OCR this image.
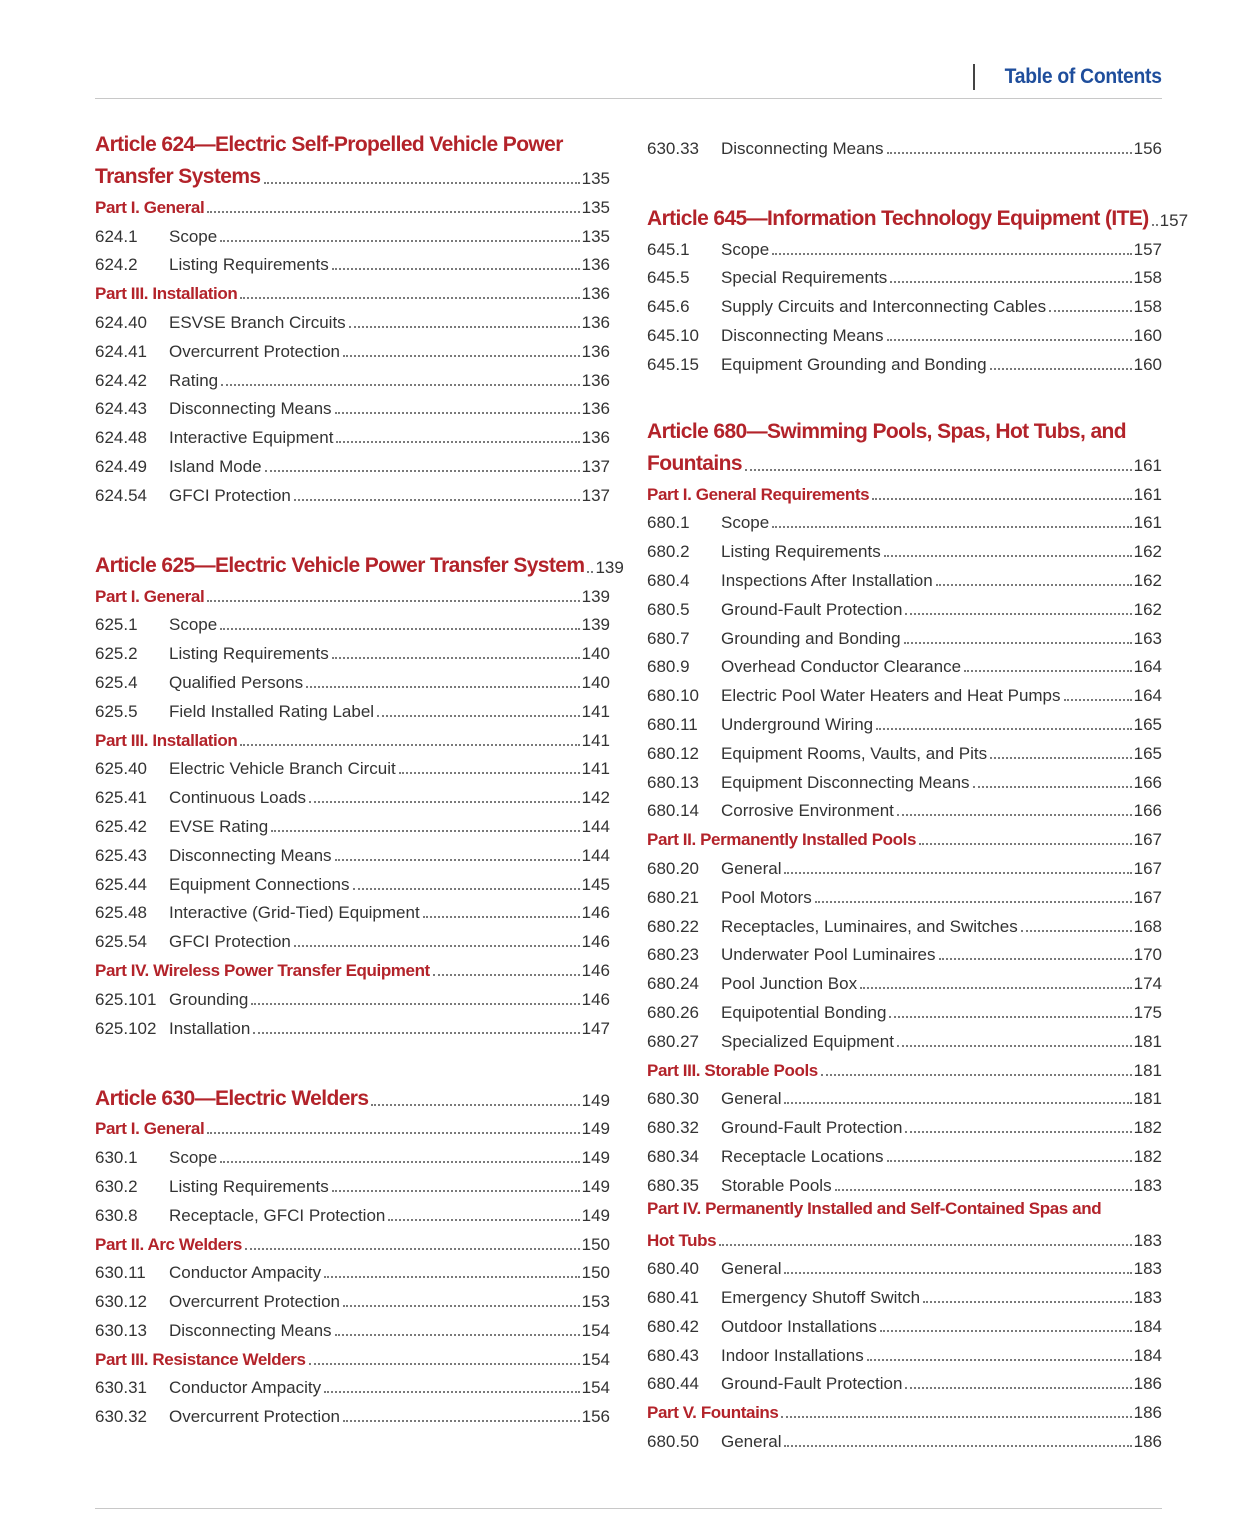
Table of Contents
Article 624—Electric Self-Propelled Vehicle Power
Transfer Systems	135
Part I. General	135
624.1	Scope	135
624.2	Listing Requirements	136
Part III. Installation	136
624.40	ESVSE Branch Circuits	136
624.41	Overcurrent Protection	136
624.42	Rating	136
624.43	Disconnecting Means	136
624.48	Interactive Equipment	136
624.49	Island Mode	137
624.54	GFCI Protection	137
Article 625—Electric Vehicle Power Transfer System 139
Part I. General	139
625.1	Scope	139
625.2	Listing Requirements	140
625.4	Qualified Persons	140
625.5	Field Installed Rating Label	141
Part III. Installation	141
625.40	Electric Vehicle Branch Circuit	141
625.41	Continuous Loads	142
625.42	EVSE Rating	144
625.43	Disconnecting Means	144
625.44	Equipment Connections	145
625.48	Interactive (Grid-Tied) Equipment	146
625.54	GFCI Protection	146
Part IV. Wireless Power Transfer Equipment	146
625.101 Grounding	146
625.102 Installation	147
Article 630—Electric Welders	149
Part I. General	149
630.1	Scope	149
630.2	Listing Requirements	149
630.8	Receptacle, GFCI Protection	149
Part II. Arc Welders	150
630.11	Conductor Ampacity	150
630.12	Overcurrent Protection	153
630.13	Disconnecting Means	154
Part III. Resistance Welders	154
630.31	Conductor Ampacity	154
630.32	Overcurrent Protection	156
630.33	Disconnecting Means	156
Article 645—Information Technology Equipment (ITE) 157
645.1	Scope	157
645.5	Special Requirements	158
645.6	Supply Circuits and Interconnecting Cables	158
645.10	Disconnecting Means	160
645.15	Equipment Grounding and Bonding	160
Article 680—Swimming Pools, Spas, Hot Tubs, and
Fountains	161
Part I. General Requirements	161
680.1	Scope	161
680.2	Listing Requirements	162
680.4	Inspections After Installation	162
680.5	Ground-Fault Protection	162
680.7	Grounding and Bonding	163
680.9	Overhead Conductor Clearance	164
680.10	Electric Pool Water Heaters and Heat Pumps	164
680.11	Underground Wiring	165
680.12	Equipment Rooms, Vaults, and Pits	165
680.13	Equipment Disconnecting Means	166
680.14	Corrosive Environment	166
Part II. Permanently Installed Pools	167
680.20	General	167
680.21	Pool Motors	167
680.22	Receptacles, Luminaires, and Switches	168
680.23	Underwater Pool Luminaires	170
680.24	Pool Junction Box	174
680.26	Equipotential Bonding	175
680.27	Specialized Equipment	181
Part III. Storable Pools	181
680.30	General	181
680.32	Ground-Fault Protection	182
680.34	Receptacle Locations	182
680.35	Storable Pools	183
Part IV. Permanently Installed and Self-Contained Spas and
Hot Tubs	183
680.40	General	183
680.41	Emergency Shutoff Switch	183
680.42	Outdoor Installations	184
680.43	Indoor Installations	184
680.44	Ground-Fault Protection	186
Part V. Fountains	186
680.50	General	186
